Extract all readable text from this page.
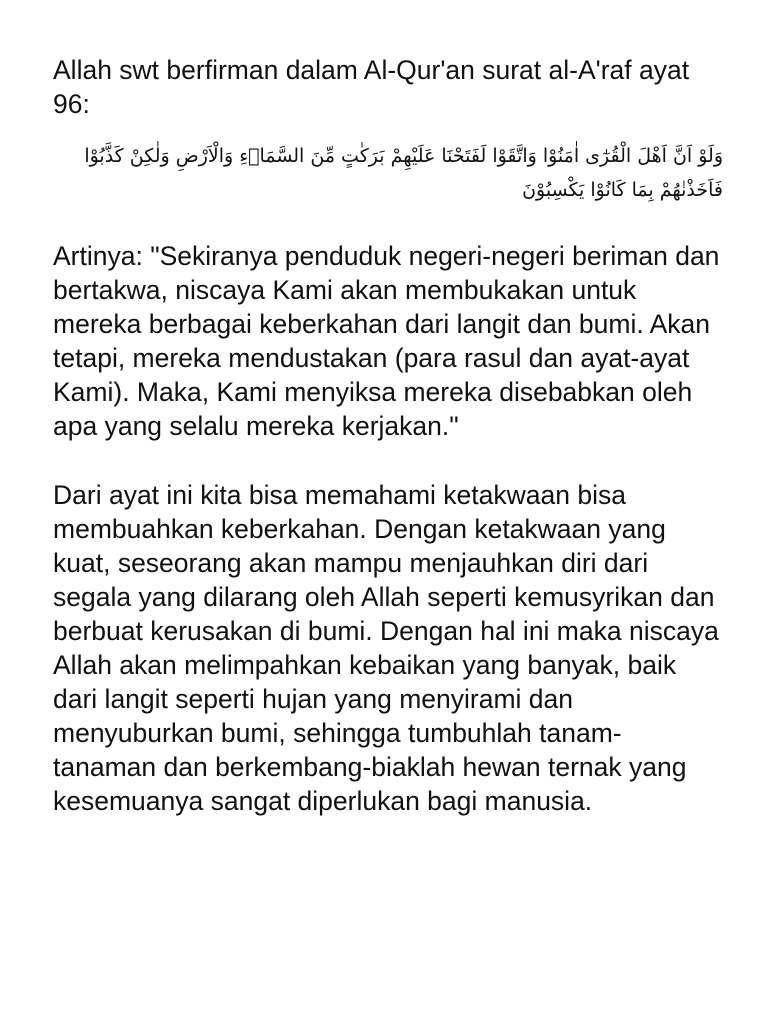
Allah swt berfirman dalam Al-Qur'an surat al-A'raf ayat 96:

وَلَوْ اَنَّ اَهْلَ الْقُرٰٓى اٰمَنُوْا وَاتَّقَوْا لَفَتَحْنَا عَلَيْهِمْ بَرَكٰتٍ مِّنَ السَّمَاۤءِ وَالْاَرْضِ وَلٰكِنْ كَذَّبُوْا فَاَخَذْنٰهُمْ بِمَا كَانُوْا يَكْسِبُوْنَ

Artinya: "Sekiranya penduduk negeri-negeri beriman dan bertakwa, niscaya Kami akan membukakan untuk mereka berbagai keberkahan dari langit dan bumi. Akan tetapi, mereka mendustakan (para rasul dan ayat-ayat Kami). Maka, Kami menyiksa mereka disebabkan oleh apa yang selalu mereka kerjakan."

Dari ayat ini kita bisa memahami ketakwaan bisa membuahkan keberkahan. Dengan ketakwaan yang kuat, seseorang akan mampu menjauhkan diri dari segala yang dilarang oleh Allah seperti kemusyrikan dan berbuat kerusakan di bumi. Dengan hal ini maka niscaya Allah akan melimpahkan kebaikan yang banyak, baik dari langit seperti hujan yang menyirami dan menyuburkan bumi, sehingga tumbuhlah tanam-tanaman dan berkembang-biaklah hewan ternak yang kesemuanya sangat diperlukan bagi manusia.
